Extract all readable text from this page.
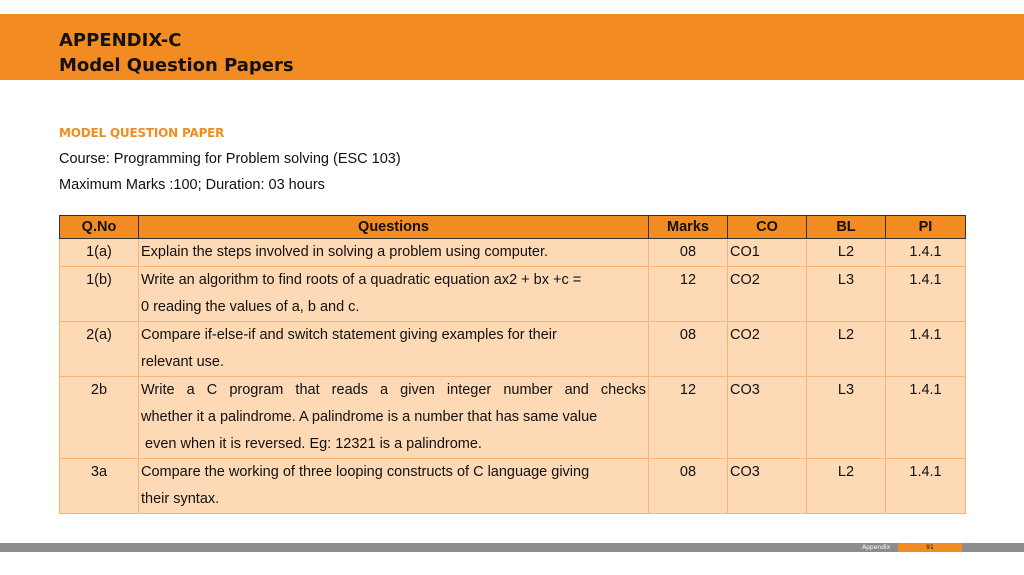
APPENDIX-C
Model Question Papers
MODEL QUESTION PAPER
Course: Programming for Problem solving (ESC 103)
Maximum Marks :100; Duration: 03 hours
Q.No	Questions	Marks	CO	BL	PI
1(a)	Explain the steps involved in solving a problem using computer.	08	CO1	L2	1.4.1
1(b)	Write an algorithm to find roots of a quadratic equation ax2 + bx +c =
0 reading the values of a, b and c.	12	CO2	L3	1.4.1
2(a)	Compare if-else-if and switch statement giving examples for their
relevant use.	08	CO2	L2	1.4.1
2b	Write a C program that reads a given integer number and checks
whether it a palindrome. A palindrome is a number that has same value
even when it is reversed. Eg: 12321 is a palindrome.	12	CO3	L3	1.4.1
3a	Compare the working of three looping constructs of C language giving
their syntax.	08	CO3	L2	1.4.1
Appendix	91
